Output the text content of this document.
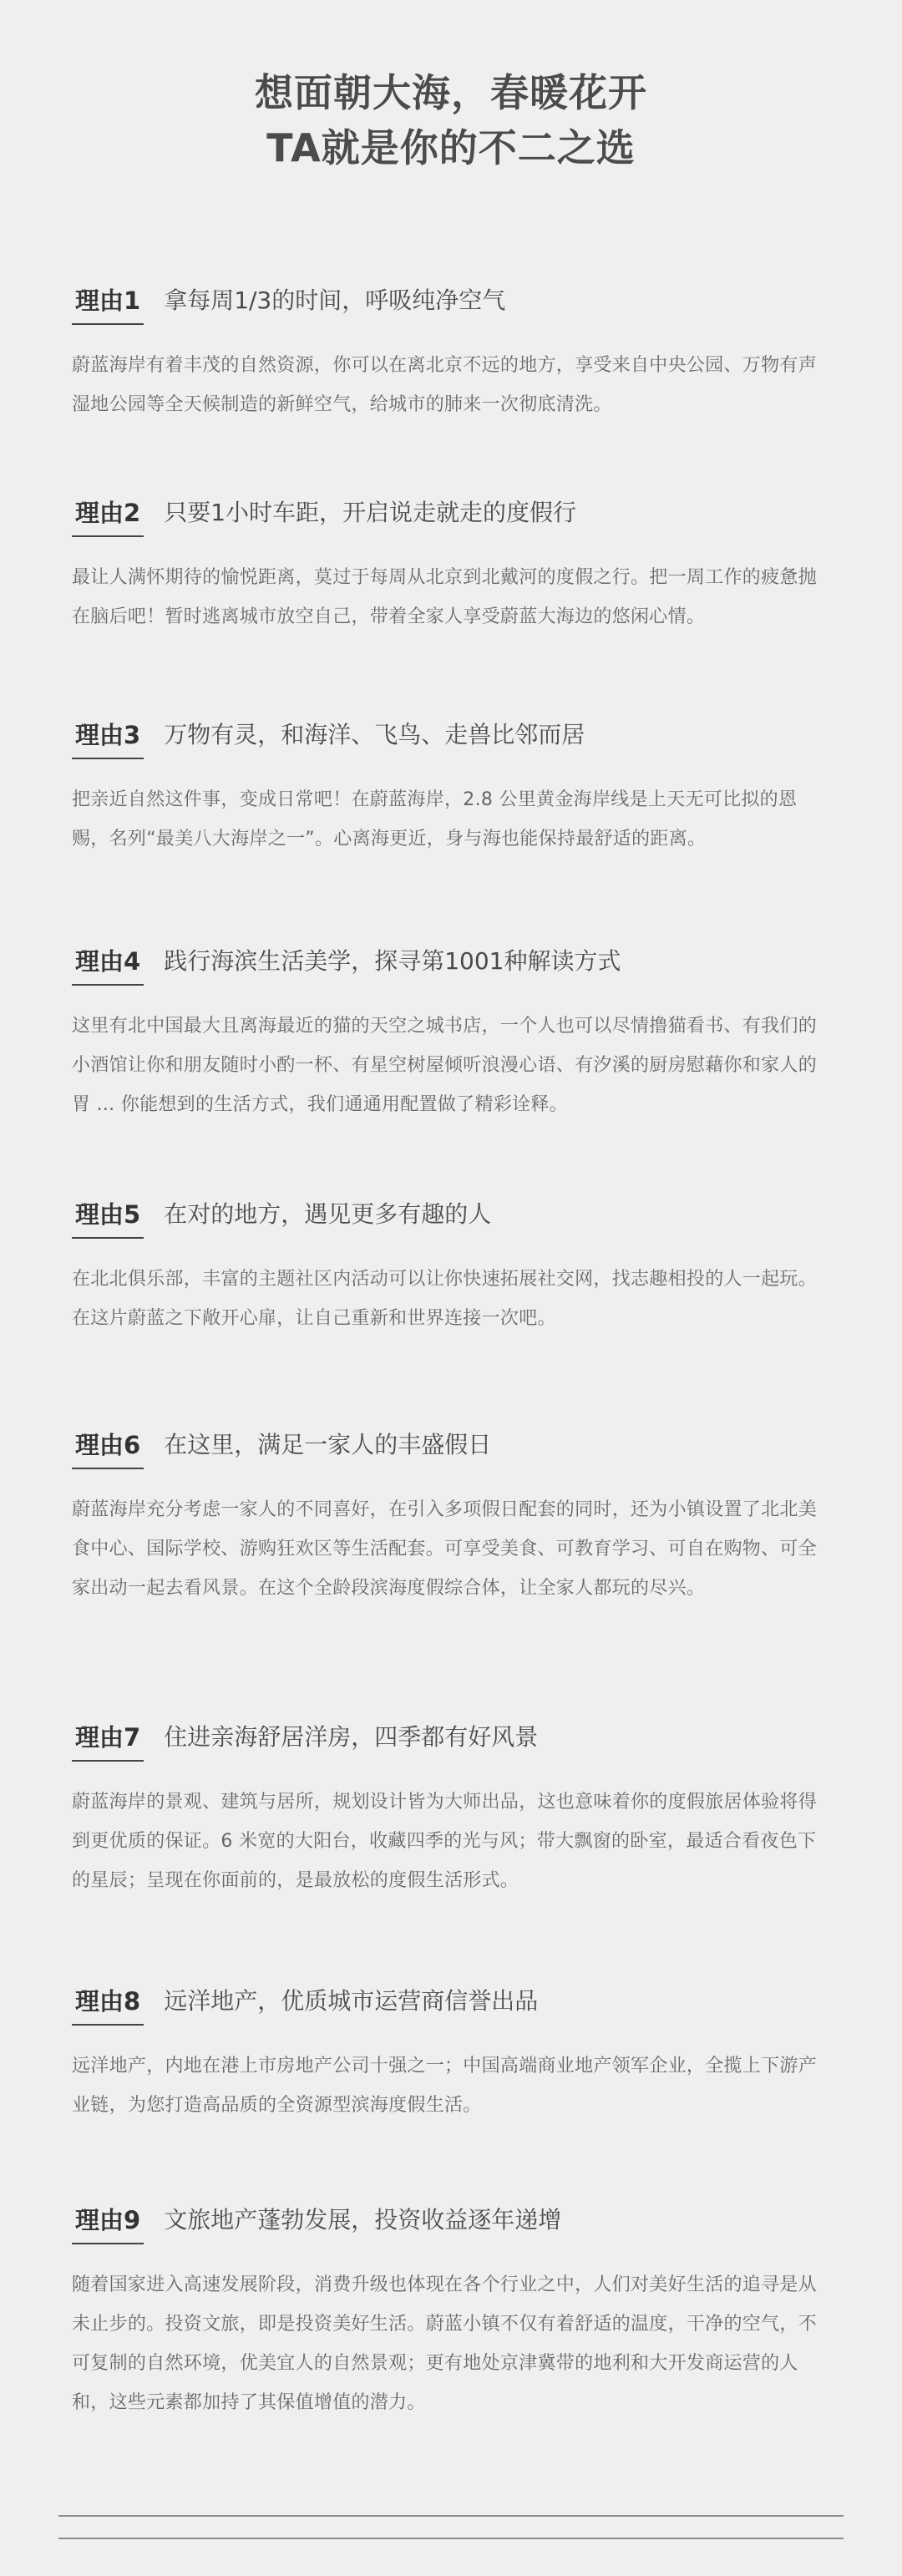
想面朝大海，春暖花开
TA就是你的不二之选
理由1 拿每周1/3的时间，呼吸纯净空气
蔚蓝海岸有着丰茂的自然资源，你可以在离北京不远的地方，享受来自中央公园、万物有声湿地公园等全天候制造的新鲜空气，给城市的肺来一次彻底清洗。
理由2 只要1小时车距，开启说走就走的度假行
最让人满怀期待的愉悦距离，莫过于每周从北京到北戴河的度假之行。把一周工作的疲惫抛在脑后吧！暂时逃离城市放空自己，带着全家人享受蔚蓝大海边的悠闲心情。
理由3 万物有灵，和海洋、飞鸟、走兽比邻而居
把亲近自然这件事，变成日常吧！在蔚蓝海岸，2.8 公里黄金海岸线是上天无可比拟的恩赐，名列“最美八大海岸之一”。心离海更近，身与海也能保持最舒适的距离。
理由4 践行海滨生活美学，探寻第1001种解读方式
这里有北中国最大且离海最近的猫的天空之城书店，一个人也可以尽情撸猫看书、有我们的小酒馆让你和朋友随时小酌一杯、有星空树屋倾听浪漫心语、有汐溪的厨房慰藉你和家人的胃 ... 你能想到的生活方式，我们通通用配置做了精彩诠释。
理由5 在对的地方，遇见更多有趣的人
在北北俱乐部，丰富的主题社区内活动可以让你快速拓展社交网，找志趣相投的人一起玩。在这片蔚蓝之下敞开心扉，让自己重新和世界连接一次吧。
理由6 在这里，满足一家人的丰盛假日
蔚蓝海岸充分考虑一家人的不同喜好，在引入多项假日配套的同时，还为小镇设置了北北美食中心、国际学校、游购狂欢区等生活配套。可享受美食、可教育学习、可自在购物、可全家出动一起去看风景。在这个全龄段滨海度假综合体，让全家人都玩的尽兴。
理由7 住进亲海舒居洋房，四季都有好风景
蔚蓝海岸的景观、建筑与居所，规划设计皆为大师出品，这也意味着你的度假旅居体验将得到更优质的保证。6 米宽的大阳台，收藏四季的光与风；带大飘窗的卧室，最适合看夜色下的星辰；呈现在你面前的，是最放松的度假生活形式。
理由8 远洋地产，优质城市运营商信誉出品
远洋地产，内地在港上市房地产公司十强之一；中国高端商业地产领军企业，全揽上下游产业链，为您打造高品质的全资源型滨海度假生活。
理由9 文旅地产蓬勃发展，投资收益逐年递增
随着国家进入高速发展阶段，消费升级也体现在各个行业之中，人们对美好生活的追寻是从未止步的。投资文旅，即是投资美好生活。蔚蓝小镇不仅有着舒适的温度，干净的空气，不可复制的自然环境，优美宜人的自然景观；更有地处京津冀带的地利和大开发商运营的人和，这些元素都加持了其保值增值的潜力。
